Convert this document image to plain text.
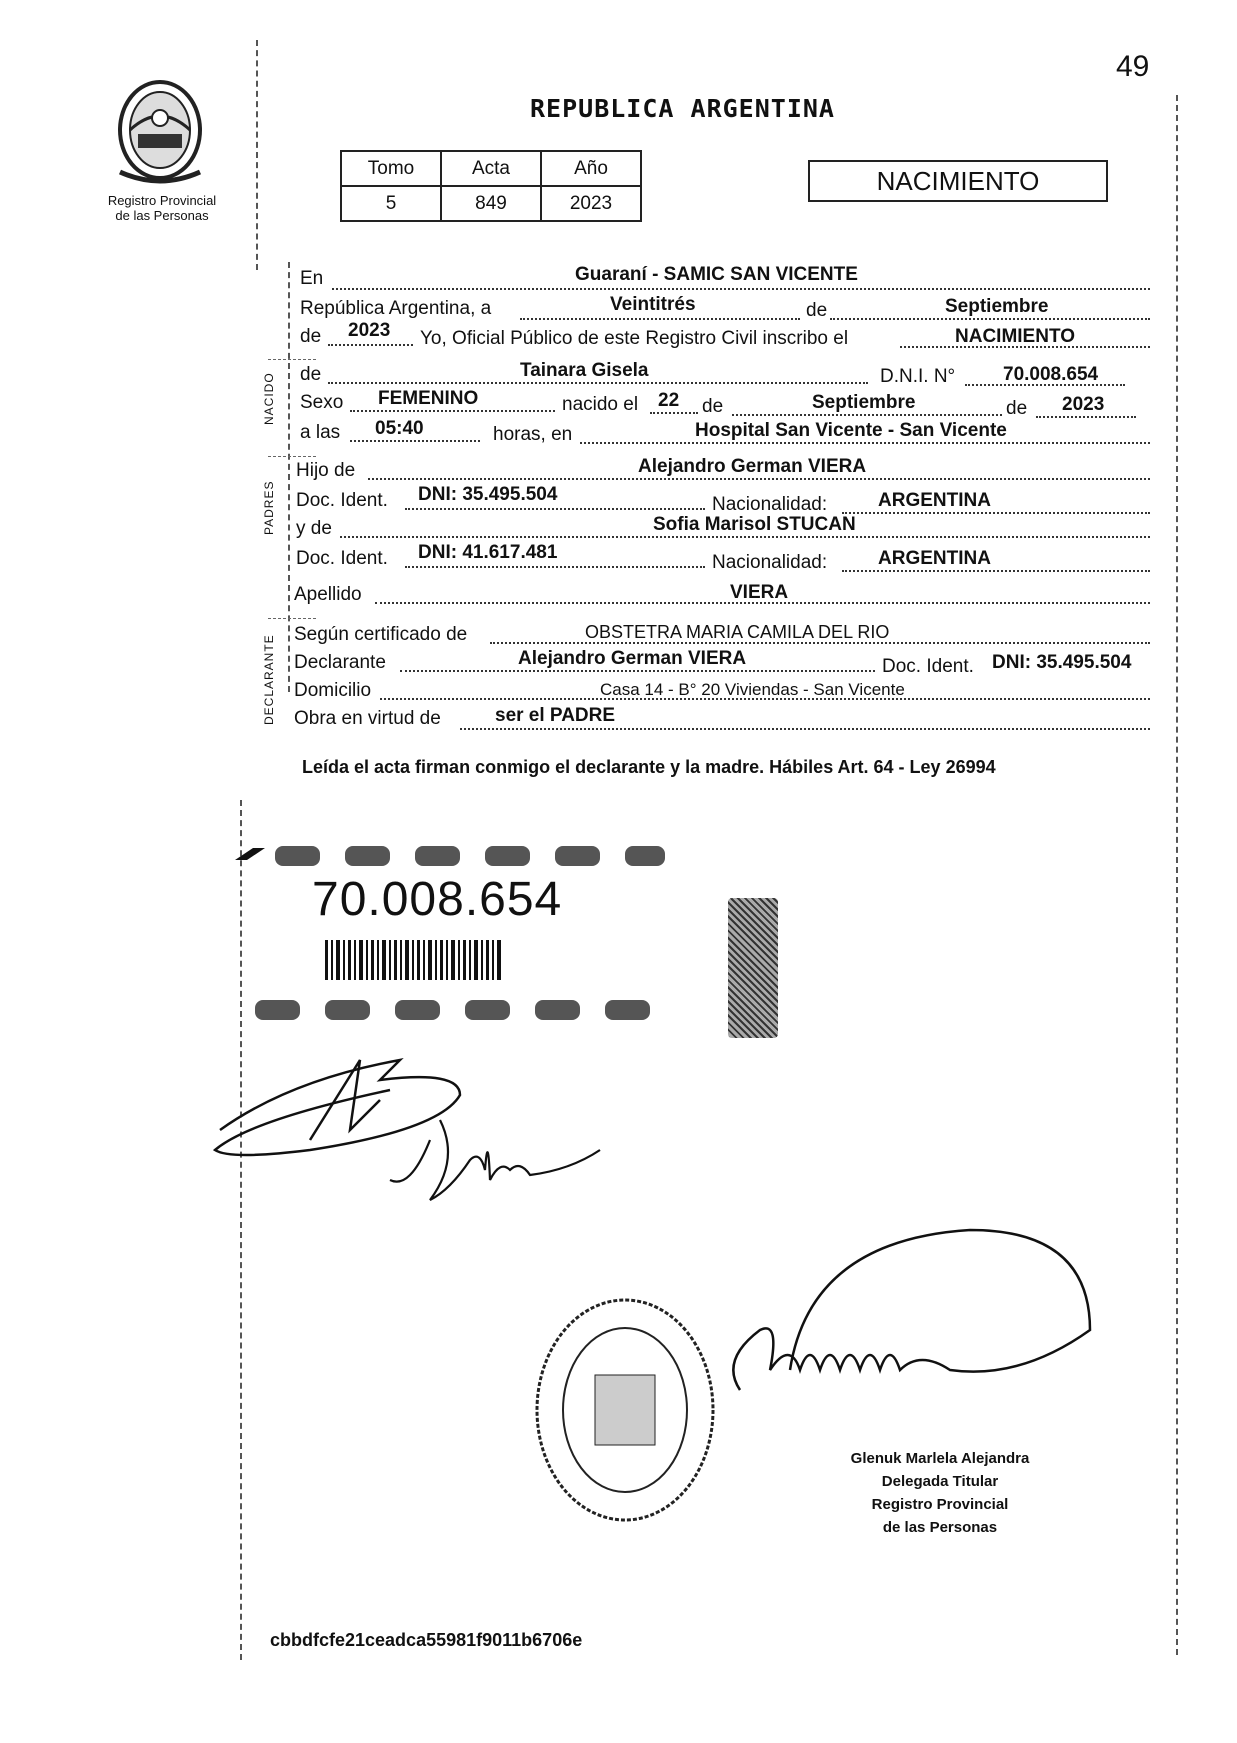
49
Registro Provincial
de las Personas
REPUBLICA ARGENTINA
Tomo	Acta	Año
5	849	2023
NACIMIENTO
NACIDO
PADRES
DECLARANTE
En	Guaraní - SAMIC SAN VICENTE
República Argentina, a	Veintitrés	de	Septiembre
de 2023 Yo, Oficial Público de este Registro Civil inscribo el	NACIMIENTO
de	Tainara Gisela	D.N.I. N°	70.008.654
Sexo FEMENINO	nacido el 22 de	Septiembre	de 2023
a las 05:40	horas, en	Hospital San Vicente - San Vicente
Hijo de	Alejandro German VIERA
Doc. Ident. DNI: 35.495.504	Nacionalidad:	ARGENTINA
y de	Sofia Marisol STUCAN
Doc. Ident. DNI: 41.617.481	Nacionalidad:	ARGENTINA
Apellido	VIERA
Según certificado de	OBSTETRA MARIA CAMILA DEL RIO
Declarante	Alejandro German VIERA	Doc. Ident. DNI: 35.495.504
Domicilio	Casa 14 - B° 20 Viviendas - San Vicente
Obra en virtud de	ser el PADRE
Leída el acta firman conmigo el declarante y la madre. Hábiles Art. 64 - Ley 26994
70.008.654
Glenuk Marlela Alejandra
Delegada Titular
Registro Provincial
de las Personas
cbbdfcfe21ceadca55981f9011b6706e
